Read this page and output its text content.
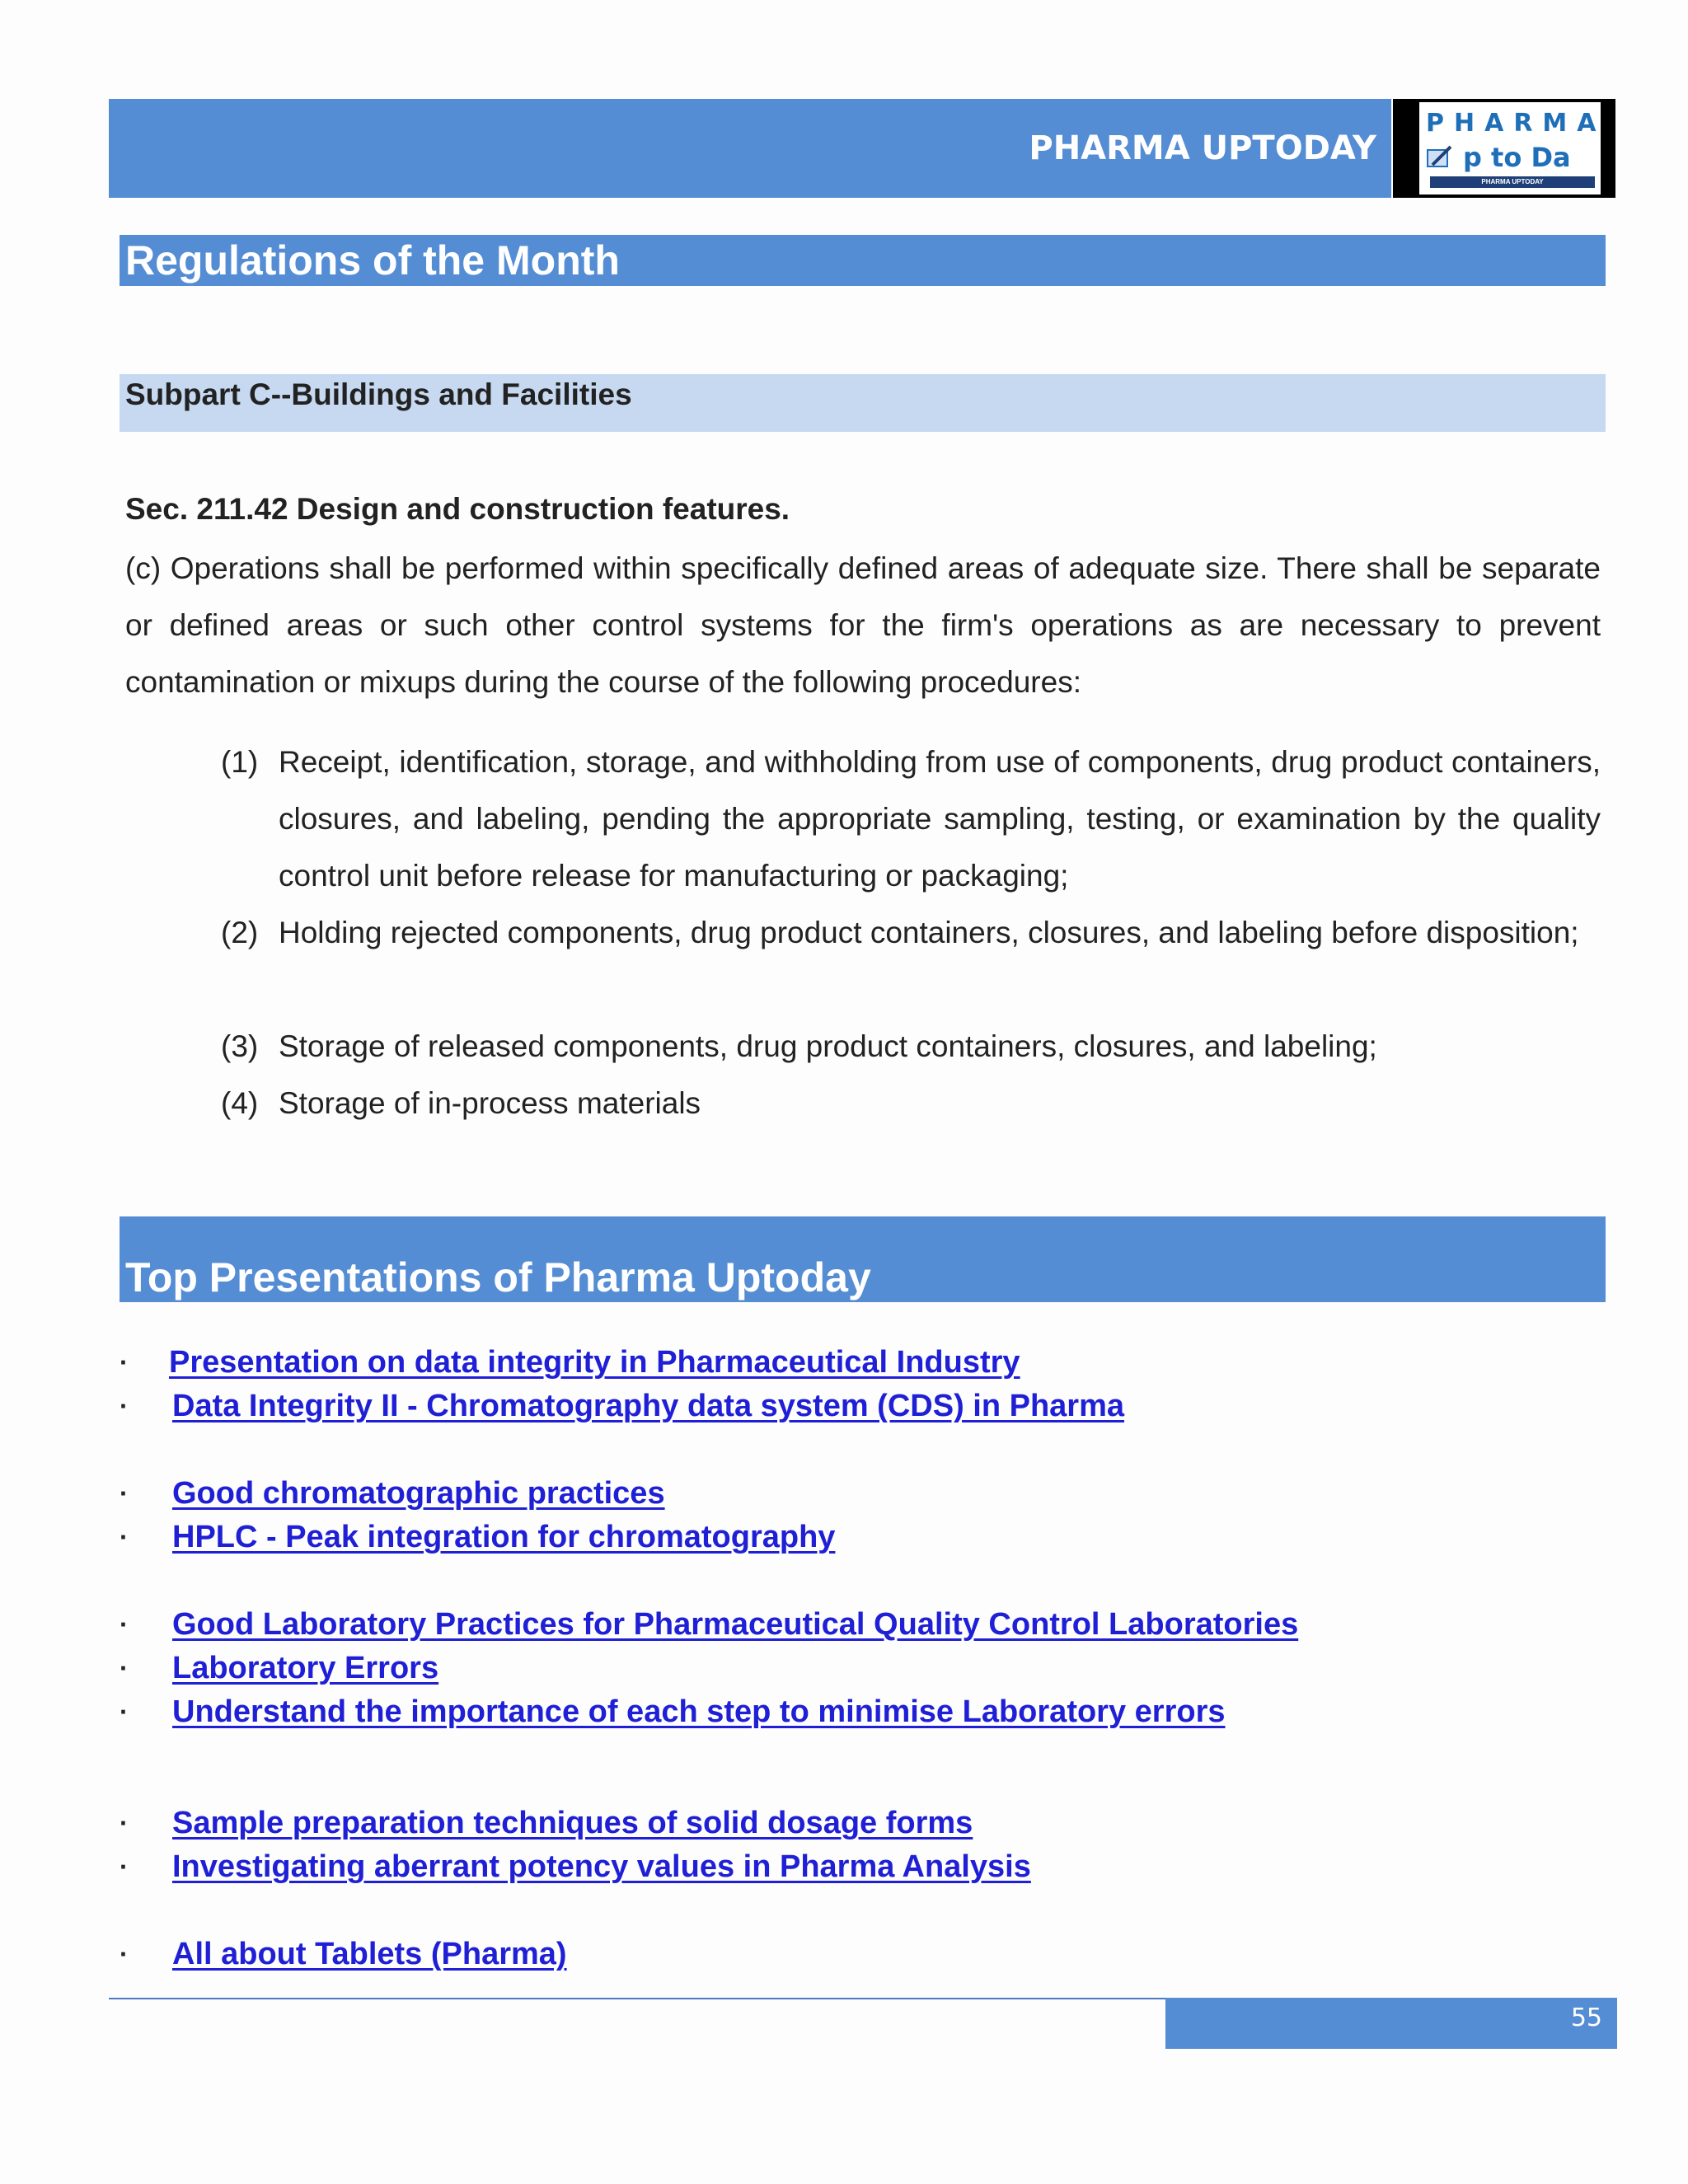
PHARMA UPTODAY
PHARMA
p to Da
PHARMA UPTODAY
Regulations of the Month
Subpart C--Buildings and Facilities
Sec. 211.42 Design and construction features.
(c) Operations shall be performed within specifically defined areas of adequate size. There shall be separate or defined areas or such other control systems for the firm's operations as are necessary to prevent contamination or mixups during the course of the following procedures:
(1) Receipt, identification, storage, and withholding from use of components, drug product containers, closures, and labeling, pending the appropriate sampling, testing, or examination by the quality control unit before release for manufacturing or packaging;
(2) Holding rejected components, drug product containers, closures, and labeling before disposition;
(3) Storage of released components, drug product containers, closures, and labeling;
(4) Storage of in-process materials
Top Presentations of Pharma Uptoday
· Presentation on data integrity in Pharmaceutical Industry
· Data Integrity II - Chromatography data system (CDS) in Pharma
· Good chromatographic practices
· HPLC - Peak integration for chromatography
· Good Laboratory Practices for Pharmaceutical Quality Control Laboratories
· Laboratory Errors
· Understand the importance of each step to minimise Laboratory errors
· Sample preparation techniques of solid dosage forms
· Investigating aberrant potency values in Pharma Analysis
· All about Tablets (Pharma)
55
